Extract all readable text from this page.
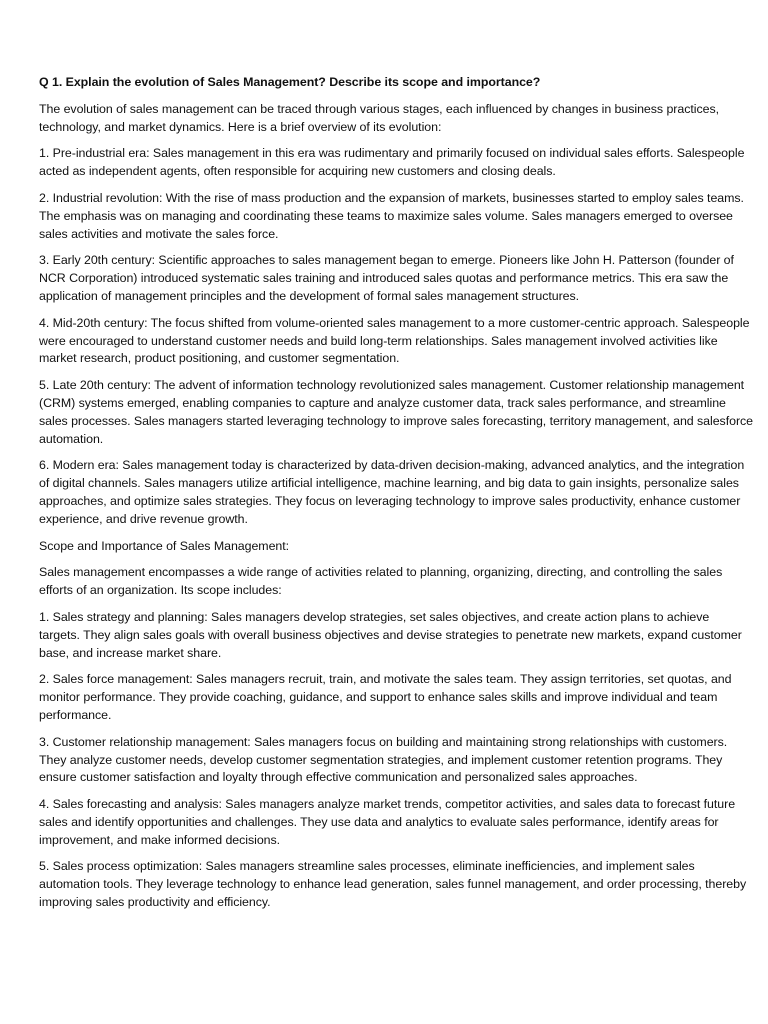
Q 1. Explain the evolution of Sales Management? Describe its scope and importance?

The evolution of sales management can be traced through various stages, each influenced by changes in business practices, technology, and market dynamics. Here is a brief overview of its evolution:

1. Pre-industrial era: Sales management in this era was rudimentary and primarily focused on individual sales efforts. Salespeople acted as independent agents, often responsible for acquiring new customers and closing deals.

2. Industrial revolution: With the rise of mass production and the expansion of markets, businesses started to employ sales teams. The emphasis was on managing and coordinating these teams to maximize sales volume. Sales managers emerged to oversee sales activities and motivate the sales force.

3. Early 20th century: Scientific approaches to sales management began to emerge. Pioneers like John H. Patterson (founder of NCR Corporation) introduced systematic sales training and introduced sales quotas and performance metrics. This era saw the application of management principles and the development of formal sales management structures.

4. Mid-20th century: The focus shifted from volume-oriented sales management to a more customer-centric approach. Salespeople were encouraged to understand customer needs and build long-term relationships. Sales management involved activities like market research, product positioning, and customer segmentation.

5. Late 20th century: The advent of information technology revolutionized sales management. Customer relationship management (CRM) systems emerged, enabling companies to capture and analyze customer data, track sales performance, and streamline sales processes. Sales managers started leveraging technology to improve sales forecasting, territory management, and salesforce automation.

6. Modern era: Sales management today is characterized by data-driven decision-making, advanced analytics, and the integration of digital channels. Sales managers utilize artificial intelligence, machine learning, and big data to gain insights, personalize sales approaches, and optimize sales strategies. They focus on leveraging technology to improve sales productivity, enhance customer experience, and drive revenue growth.

Scope and Importance of Sales Management:

Sales management encompasses a wide range of activities related to planning, organizing, directing, and controlling the sales efforts of an organization. Its scope includes:

1. Sales strategy and planning: Sales managers develop strategies, set sales objectives, and create action plans to achieve targets. They align sales goals with overall business objectives and devise strategies to penetrate new markets, expand customer base, and increase market share.

2. Sales force management: Sales managers recruit, train, and motivate the sales team. They assign territories, set quotas, and monitor performance. They provide coaching, guidance, and support to enhance sales skills and improve individual and team performance.

3. Customer relationship management: Sales managers focus on building and maintaining strong relationships with customers. They analyze customer needs, develop customer segmentation strategies, and implement customer retention programs. They ensure customer satisfaction and loyalty through effective communication and personalized sales approaches.

4. Sales forecasting and analysis: Sales managers analyze market trends, competitor activities, and sales data to forecast future sales and identify opportunities and challenges. They use data and analytics to evaluate sales performance, identify areas for improvement, and make informed decisions.

5. Sales process optimization: Sales managers streamline sales processes, eliminate inefficiencies, and implement sales automation tools. They leverage technology to enhance lead generation, sales funnel management, and order processing, thereby improving sales productivity and efficiency.
